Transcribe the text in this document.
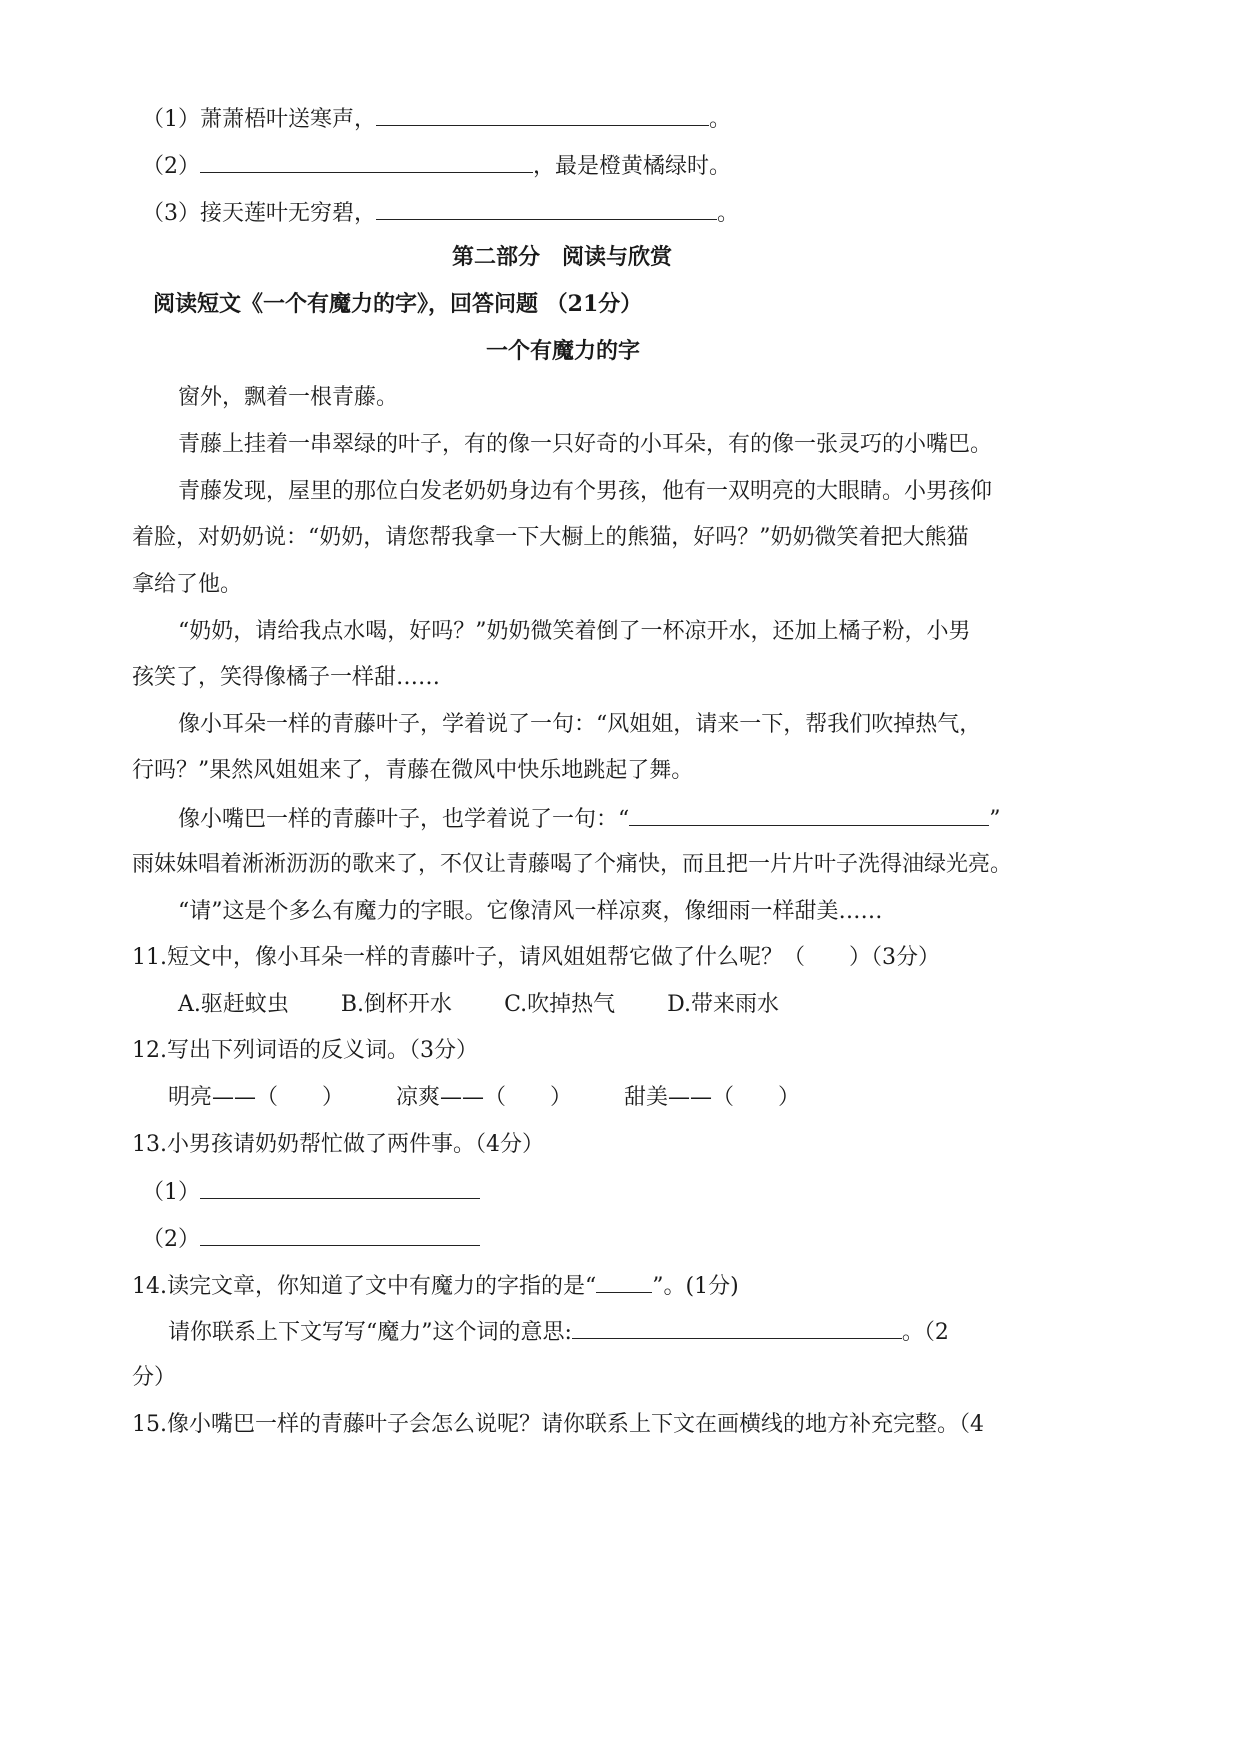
（1）萧萧梧叶送寒声，	。
（2）	，最是橙黄橘绿时。
（3）接天莲叶无穷碧，	。
第二部分　阅读与欣赏
阅读短文《一个有魔力的字》，回答问题 （21分）
一个有魔力的字
窗外，飘着一根青藤。
青藤上挂着一串翠绿的叶子，有的像一只好奇的小耳朵，有的像一张灵巧的小嘴巴。
青藤发现，屋里的那位白发老奶奶身边有个男孩，他有一双明亮的大眼睛。小男孩仰
着脸，对奶奶说：“奶奶，请您帮我拿一下大橱上的熊猫，好吗？”奶奶微笑着把大熊猫
拿给了他。
“奶奶，请给我点水喝，好吗？”奶奶微笑着倒了一杯凉开水，还加上橘子粉，小男
孩笑了，笑得像橘子一样甜……
像小耳朵一样的青藤叶子，学着说了一句：“风姐姐，请来一下，帮我们吹掉热气，
行吗？”果然风姐姐来了，青藤在微风中快乐地跳起了舞。
像小嘴巴一样的青藤叶子，也学着说了一句：“	”
雨妹妹唱着淅淅沥沥的歌来了，不仅让青藤喝了个痛快，而且把一片片叶子洗得油绿光亮。
“请”这是个多么有魔力的字眼。它像清风一样凉爽，像细雨一样甜美……
11.短文中，像小耳朵一样的青藤叶子，请风姐姐帮它做了什么呢？（　　）（3分）
A.驱赶蚊虫 B.倒杯开水 C.吹掉热气 D.带来雨水
12.写出下列词语的反义词。（3分）
明亮——（　　） 凉爽——（　　） 甜美——（　　）
13.小男孩请奶奶帮忙做了两件事。（4分）
（1）
（2）
14.读完文章，你知道了文中有魔力的字指的是“	”。(1分)
请你联系上下文写写“魔力”这个词的意思:	。（2
分）
15.像小嘴巴一样的青藤叶子会怎么说呢？请你联系上下文在画横线的地方补充完整。（4
